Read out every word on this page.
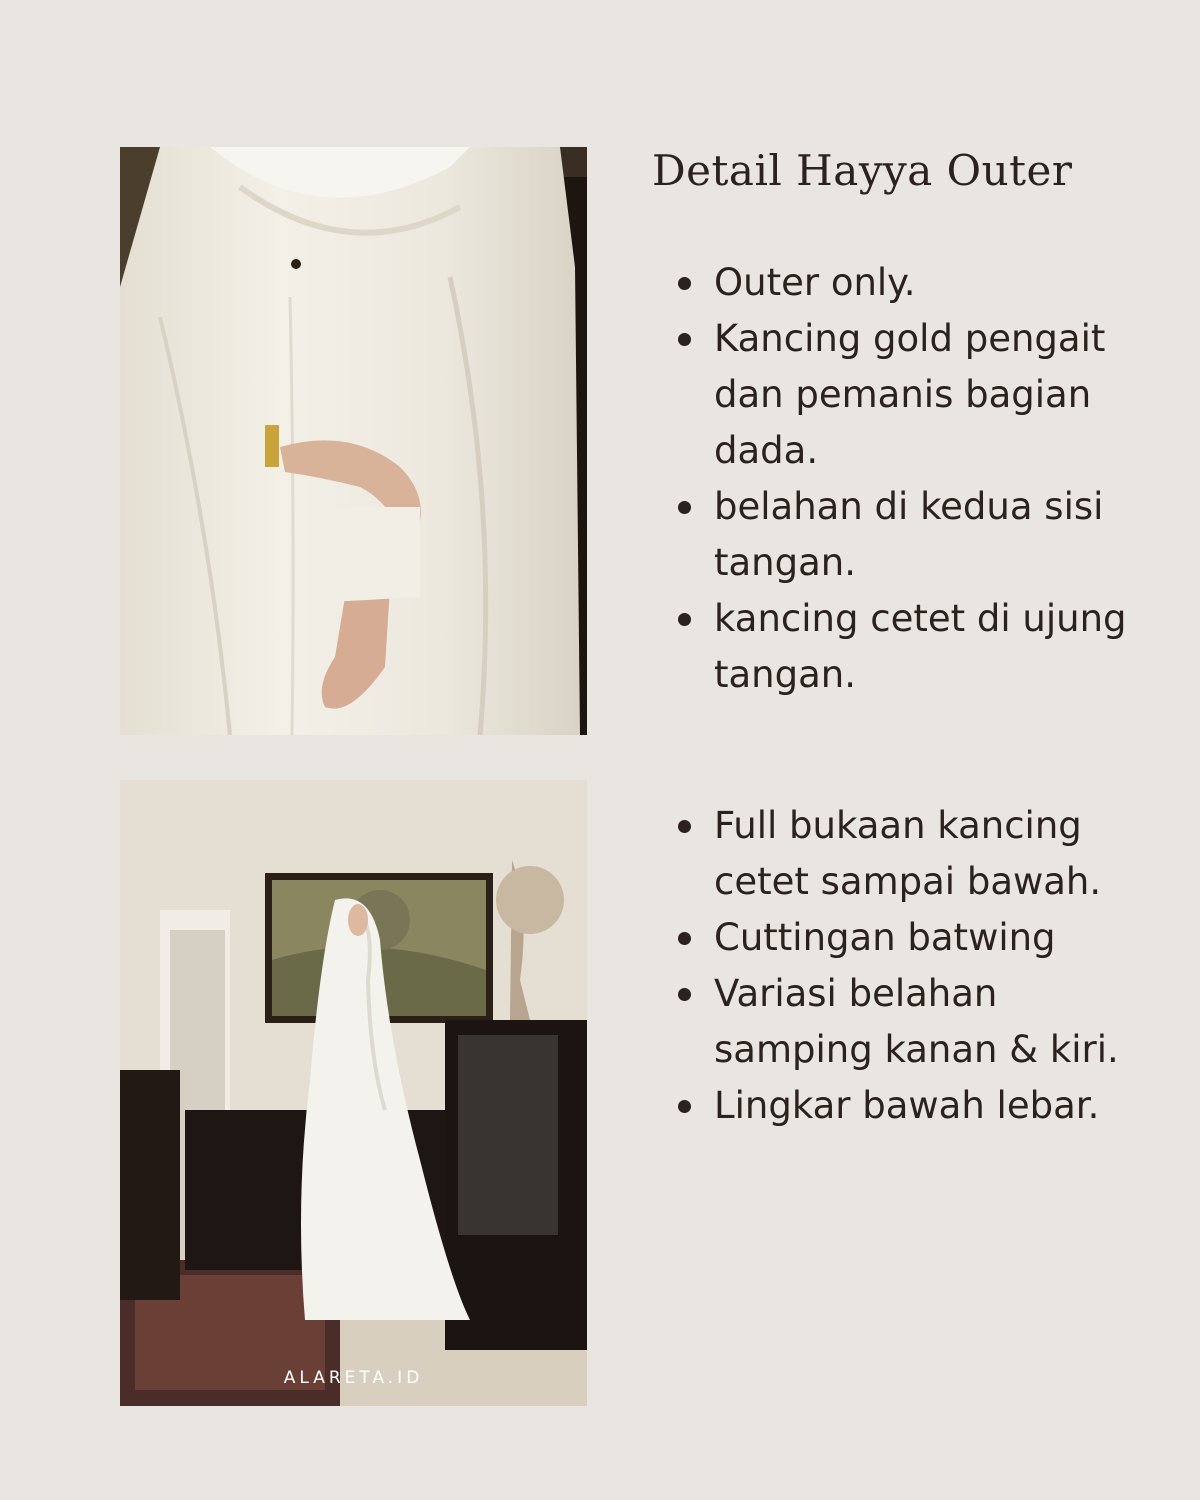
Detail Hayya Outer
ALARETA.ID
Outer only.
Kancing gold pengait dan pemanis bagian dada.
belahan di kedua sisi tangan.
kancing cetet di ujung tangan.
Full bukaan kancing cetet sampai bawah.
Cuttingan batwing
Variasi belahan samping kanan & kiri.
Lingkar bawah lebar.
